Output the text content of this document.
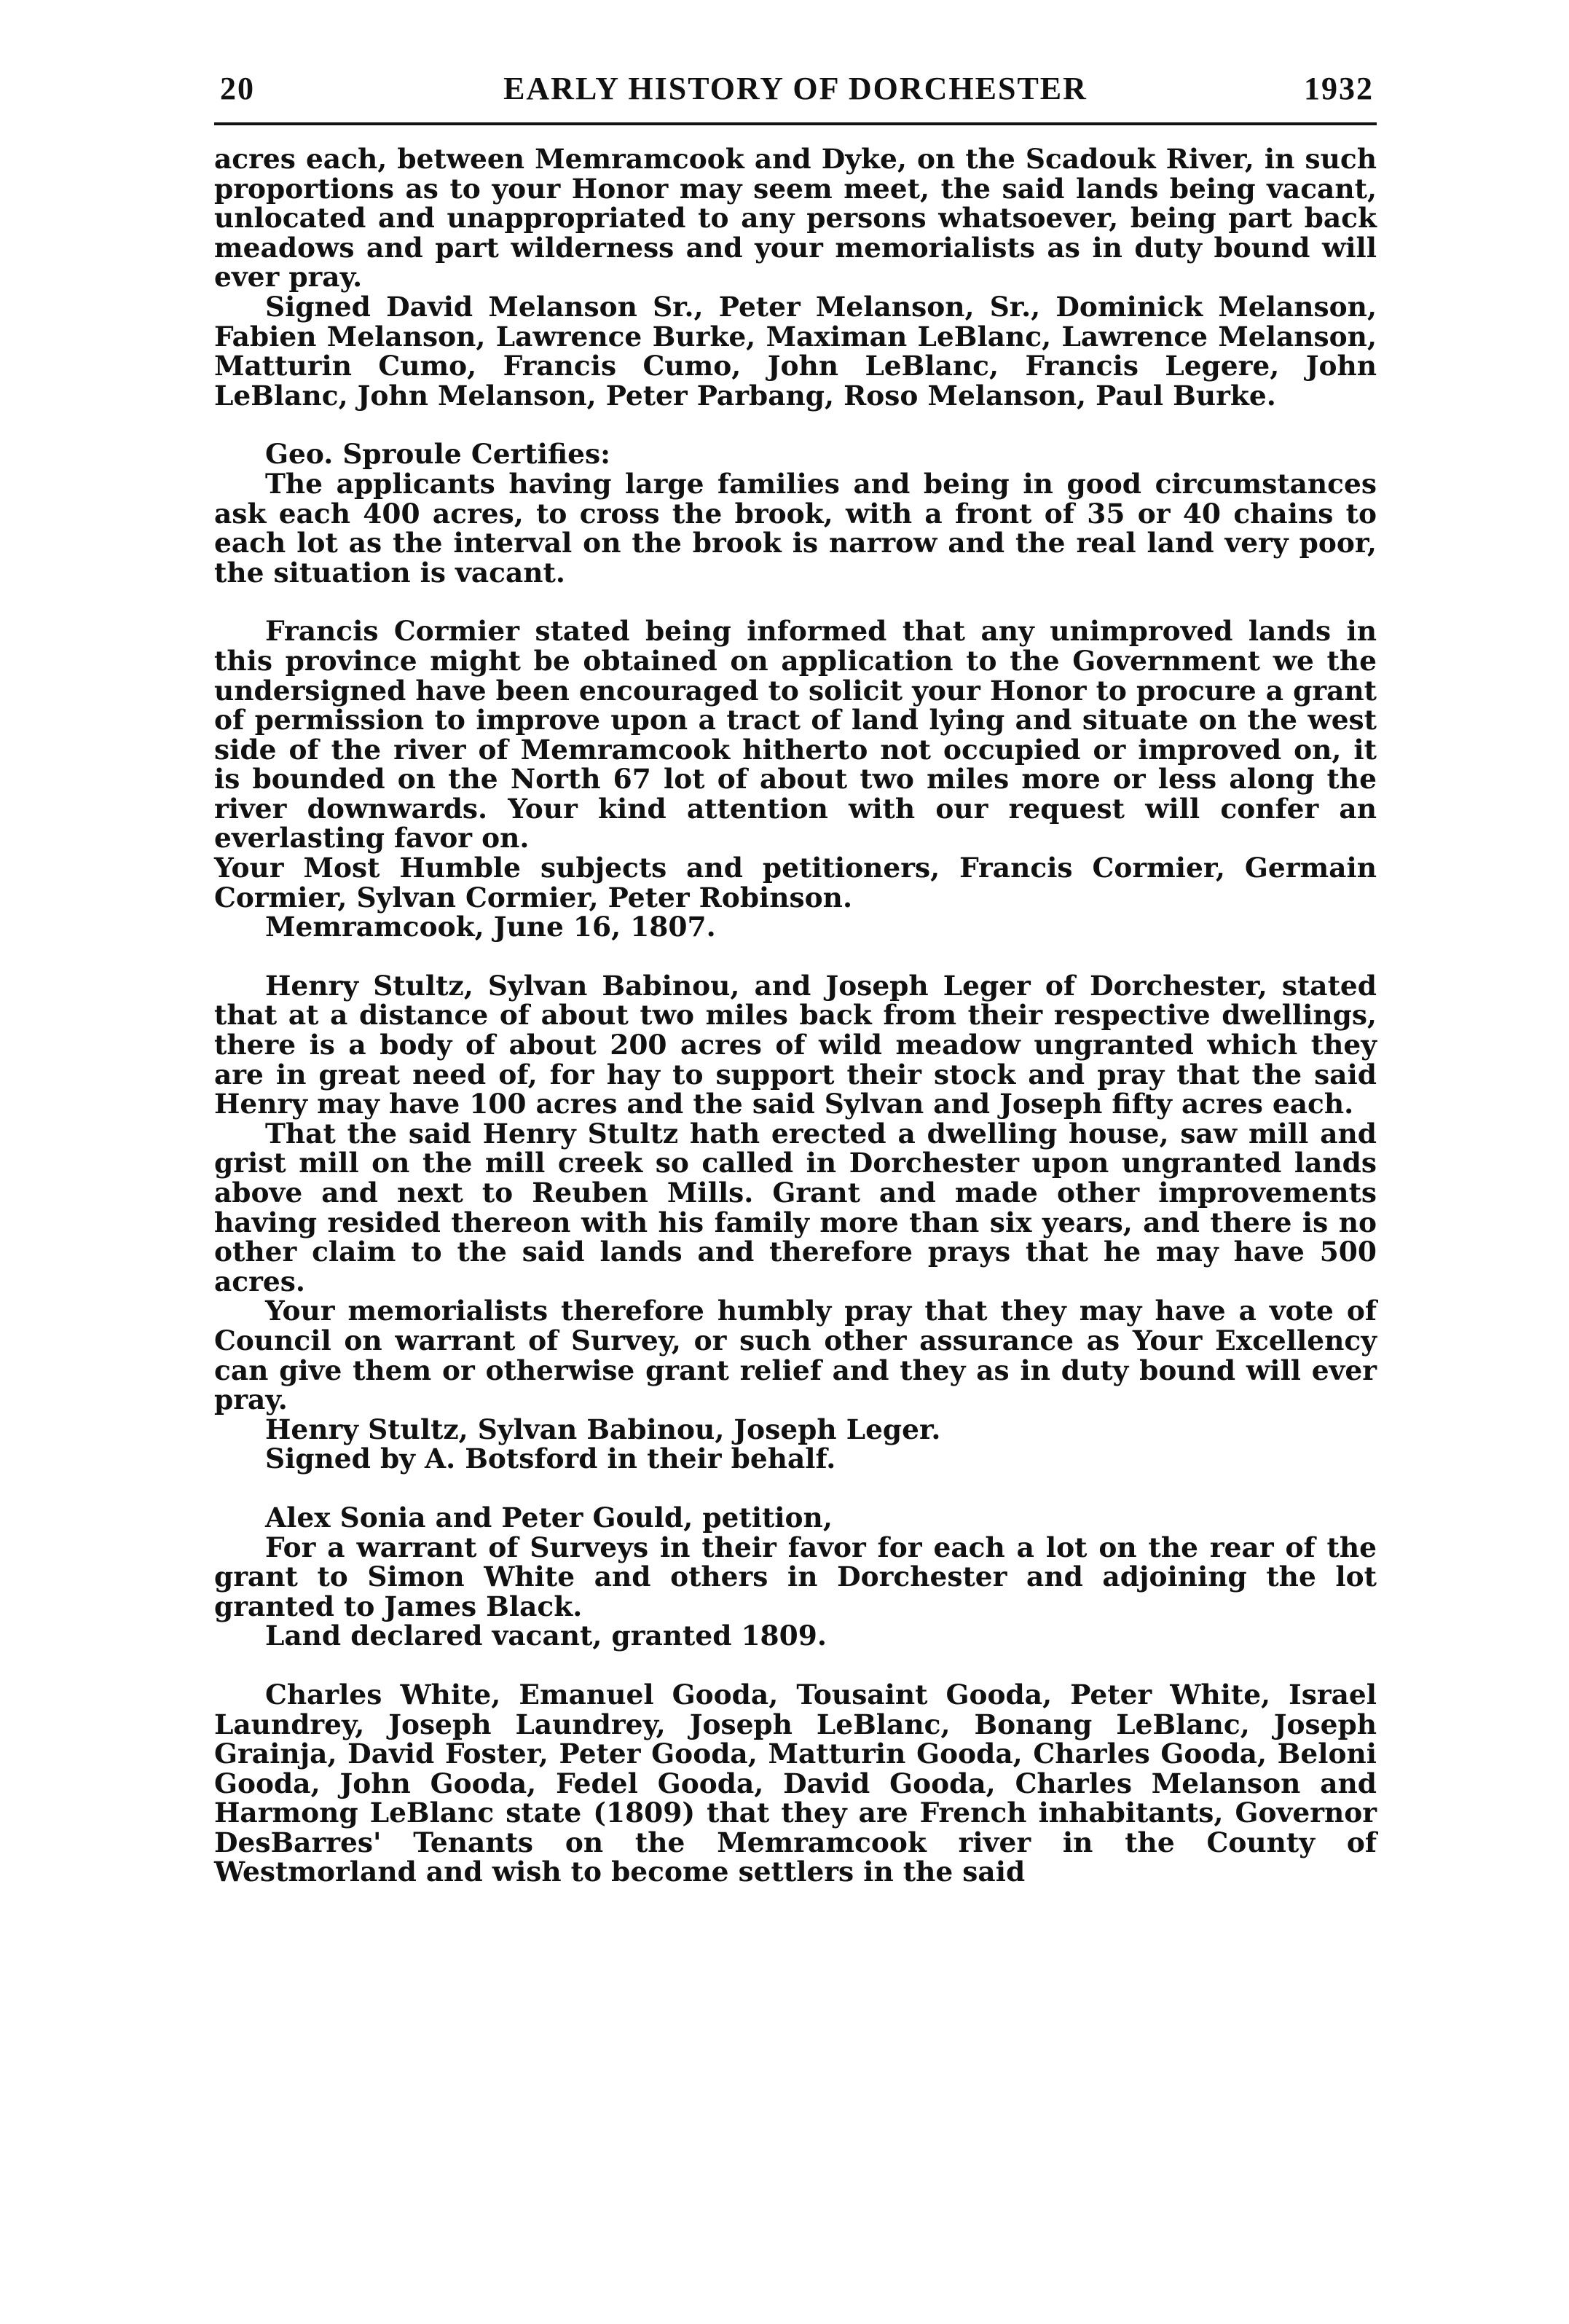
20	EARLY HISTORY OF DORCHESTER	1932

acres each, between Memramcook and Dyke, on the Scadouk River, in such proportions as to your Honor may seem meet, the said lands being vacant, unlocated and unappropriated to any persons whatsoever, being part back meadows and part wilderness and your memorialists as in duty bound will ever pray.

Signed David Melanson Sr., Peter Melanson, Sr., Dominick Melanson, Fabien Melanson, Lawrence Burke, Maximan LeBlanc, Lawrence Melanson, Matturin Cumo, Francis Cumo, John LeBlanc, Francis Legere, John LeBlanc, John Melanson, Peter Parbang, Roso Melanson, Paul Burke.

Geo. Sproule Certifies:

The applicants having large families and being in good circumstances ask each 400 acres, to cross the brook, with a front of 35 or 40 chains to each lot as the interval on the brook is narrow and the real land very poor, the situation is vacant.

Francis Cormier stated being informed that any unimproved lands in this province might be obtained on application to the Government we the undersigned have been encouraged to solicit your Honor to procure a grant of permission to improve upon a tract of land lying and situate on the west side of the river of Memramcook hitherto not occupied or improved on, it is bounded on the North 67 lot of about two miles more or less along the river downwards. Your kind attention with our request will confer an everlasting favor on.

Your Most Humble subjects and petitioners, Francis Cormier, Germain Cormier, Sylvan Cormier, Peter Robinson.

Memramcook, June 16, 1807.

Henry Stultz, Sylvan Babinou, and Joseph Leger of Dorchester, stated that at a distance of about two miles back from their respective dwellings, there is a body of about 200 acres of wild meadow ungranted which they are in great need of, for hay to support their stock and pray that the said Henry may have 100 acres and the said Sylvan and Joseph fifty acres each.

That the said Henry Stultz hath erected a dwelling house, saw mill and grist mill on the mill creek so called in Dorchester upon ungranted lands above and next to Reuben Mills. Grant and made other improvements having resided thereon with his family more than six years, and there is no other claim to the said lands and therefore prays that he may have 500 acres.

Your memorialists therefore humbly pray that they may have a vote of Council on warrant of Survey, or such other assurance as Your Excellency can give them or otherwise grant relief and they as in duty bound will ever pray.

Henry Stultz, Sylvan Babinou, Joseph Leger.

Signed by A. Botsford in their behalf.

Alex Sonia and Peter Gould, petition,

For a warrant of Surveys in their favor for each a lot on the rear of the grant to Simon White and others in Dorchester and adjoining the lot granted to James Black.

Land declared vacant, granted 1809.

Charles White, Emanuel Gooda, Tousaint Gooda, Peter White, Israel Laundrey, Joseph Laundrey, Joseph LeBlanc, Bonang LeBlanc, Joseph Grainja, David Foster, Peter Gooda, Matturin Gooda, Charles Gooda, Beloni Gooda, John Gooda, Fedel Gooda, David Gooda, Charles Melanson and Harmong LeBlanc state (1809) that they are French inhabitants, Governor DesBarres' Tenants on the Memramcook river in the County of Westmorland and wish to become settlers in the said
